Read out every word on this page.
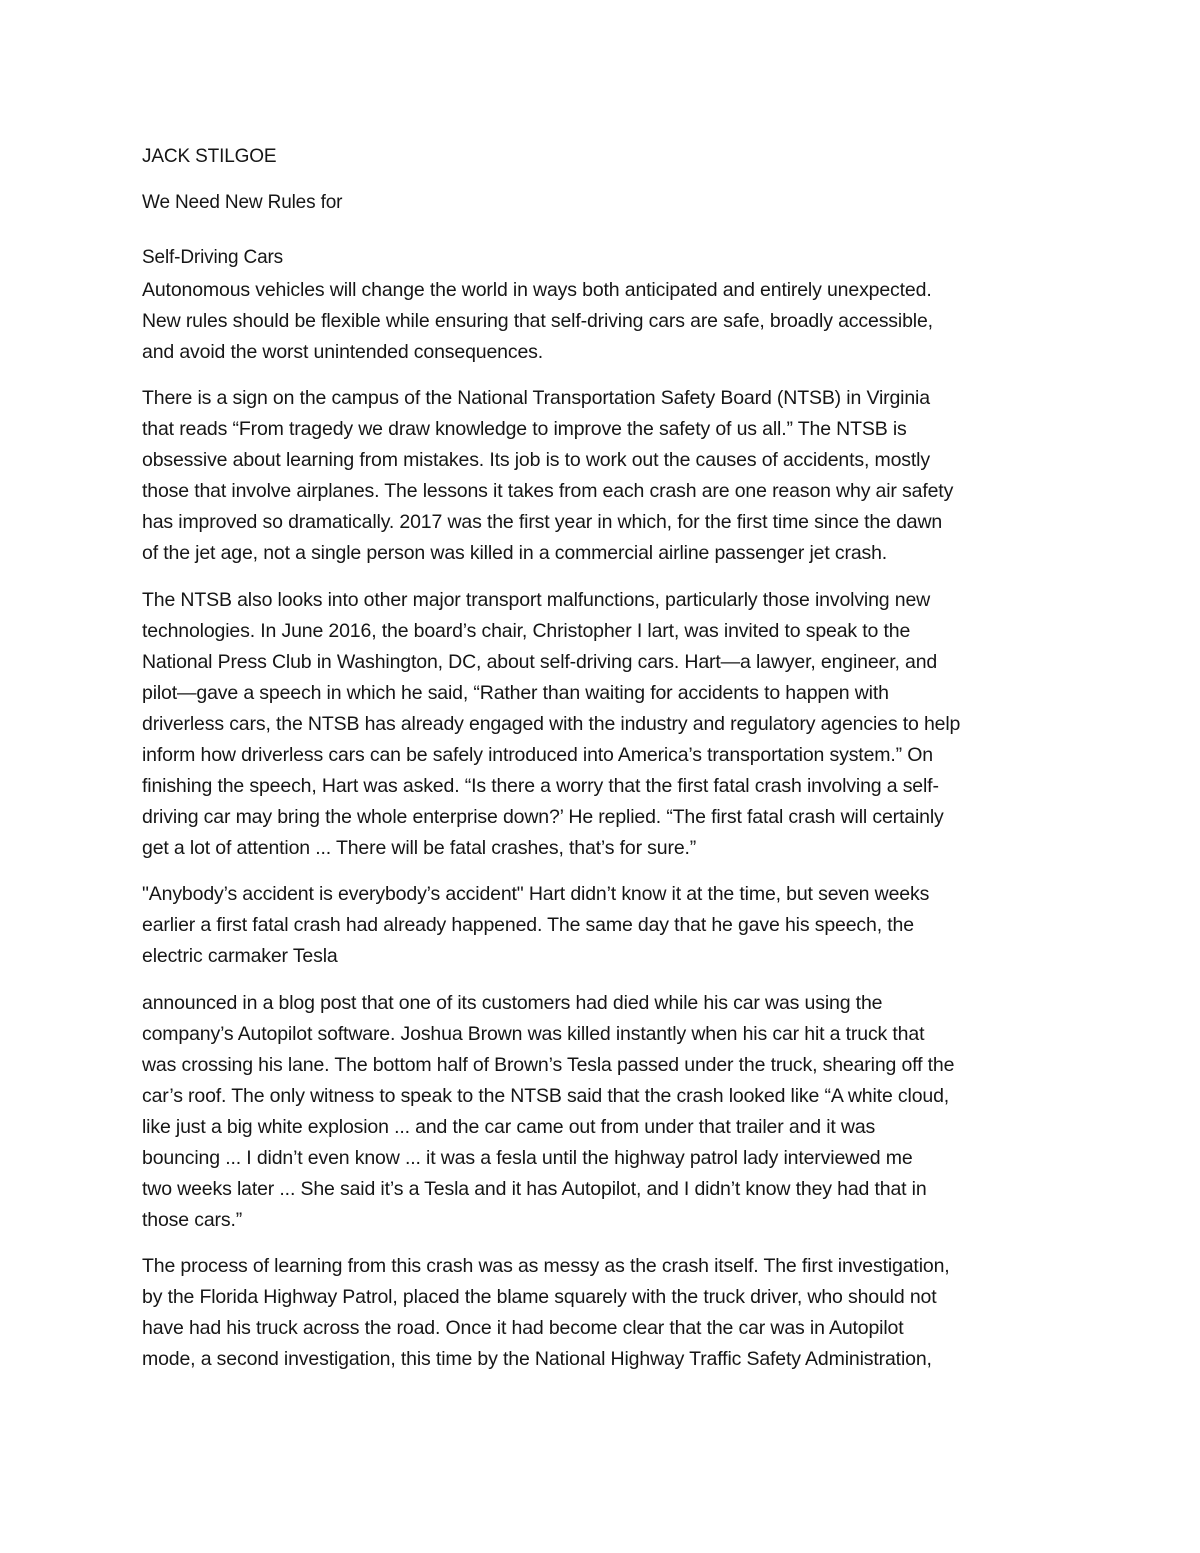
JACK STILGOE
We Need New Rules for
Self-Driving Cars
Autonomous vehicles will change the world in ways both anticipated and entirely unexpected.
New rules should be flexible while ensuring that self-driving cars are safe, broadly accessible,
and avoid the worst unintended consequences.
There is a sign on the campus of the National Transportation Safety Board (NTSB) in Virginia
that reads “From tragedy we draw knowledge to improve the safety of us all.” The NTSB is
obsessive about learning from mistakes. Its job is to work out the causes of accidents, mostly
those that involve airplanes. The lessons it takes from each crash are one reason why air safety
has improved so dramatically. 2017 was the first year in which, for the first time since the dawn
of the jet age, not a single person was killed in a commercial airline passenger jet crash.
The NTSB also looks into other major transport malfunctions, particularly those involving new
technologies. In June 2016, the board’s chair, Christopher I lart, was invited to speak to the
National Press Club in Washington, DC, about self-driving cars. Hart—a lawyer, engineer, and
pilot—gave a speech in which he said, “Rather than waiting for accidents to happen with
driverless cars, the NTSB has already engaged with the industry and regulatory agencies to help
inform how driverless cars can be safely introduced into America’s transportation system.” On
finishing the speech, Hart was asked. “Is there a worry that the first fatal crash involving a self-
driving car may bring the whole enterprise down?’ He replied. “The first fatal crash will certainly
get a lot of attention ... There will be fatal crashes, that’s for sure.”
"Anybody’s accident is everybody’s accident" Hart didn’t know it at the time, but seven weeks
earlier a first fatal crash had already happened. The same day that he gave his speech, the
electric carmaker Tesla
announced in a blog post that one of its customers had died while his car was using the
company’s Autopilot software. Joshua Brown was killed instantly when his car hit a truck that
was crossing his lane. The bottom half of Brown’s Tesla passed under the truck, shearing off the
car’s roof. The only witness to speak to the NTSB said that the crash looked like “A white cloud,
like just a big white explosion ... and the car came out from under that trailer and it was
bouncing ... I didn’t even know ... it was a fesla until the highway patrol lady interviewed me
two weeks later ... She said it’s a Tesla and it has Autopilot, and I didn’t know they had that in
those cars.”
The process of learning from this crash was as messy as the crash itself. The first investigation,
by the Florida Highway Patrol, placed the blame squarely with the truck driver, who should not
have had his truck across the road. Once it had become clear that the car was in Autopilot
mode, a second investigation, this time by the National Highway Traffic Safety Administration,
